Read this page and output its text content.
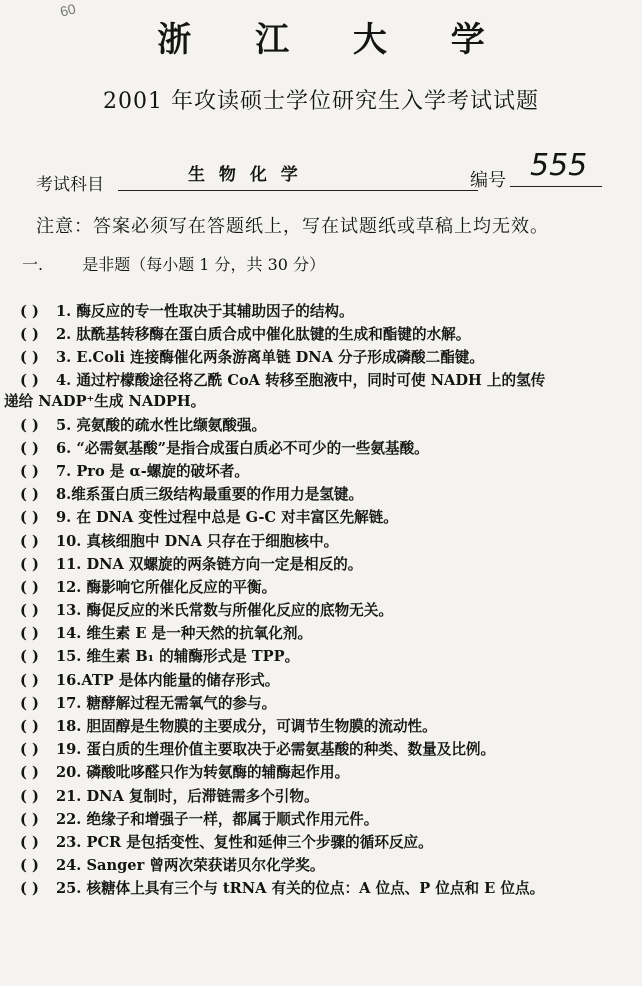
60
浙 江 大 学
2001 年攻读硕士学位研究生入学考试试题
考试科目	生 物 化 学	编号 555
注意：答案必须写在答题纸上，写在试题纸或草稿上均无效。
一. 是非题（每小题 1 分，共 30 分）
( ) 1. 酶反应的专一性取决于其辅助因子的结构。
( ) 2. 肽酰基转移酶在蛋白质合成中催化肽键的生成和酯键的水解。
( ) 3. E.Coli 连接酶催化两条游离单链 DNA 分子形成磷酸二酯键。
( ) 4. 通过柠檬酸途径将乙酰 CoA 转移至胞液中，同时可使 NADH 上的氢传
递给 NADP⁺生成 NADPH。
( ) 5. 亮氨酸的疏水性比缬氨酸强。
( ) 6. “必需氨基酸”是指合成蛋白质必不可少的一些氨基酸。
( ) 7. Pro 是 α-螺旋的破坏者。
( ) 8.维系蛋白质三级结构最重要的作用力是氢键。
( ) 9. 在 DNA 变性过程中总是 G-C 对丰富区先解链。
( ) 10. 真核细胞中 DNA 只存在于细胞核中。
( ) 11. DNA 双螺旋的两条链方向一定是相反的。
( ) 12. 酶影响它所催化反应的平衡。
( ) 13. 酶促反应的米氏常数与所催化反应的底物无关。
( ) 14. 维生素 E 是一种天然的抗氧化剂。
( ) 15. 维生素 B₁ 的辅酶形式是 TPP。
( ) 16.ATP 是体内能量的储存形式。
( ) 17. 糖酵解过程无需氧气的参与。
( ) 18. 胆固醇是生物膜的主要成分，可调节生物膜的流动性。
( ) 19. 蛋白质的生理价值主要取决于必需氨基酸的种类、数量及比例。
( ) 20. 磷酸吡哆醛只作为转氨酶的辅酶起作用。
( ) 21. DNA 复制时，后滞链需多个引物。
( ) 22. 绝缘子和增强子一样，都属于顺式作用元件。
( ) 23. PCR 是包括变性、复性和延伸三个步骤的循环反应。
( ) 24. Sanger 曾两次荣获诺贝尔化学奖。
( ) 25. 核糖体上具有三个与 tRNA 有关的位点：A 位点、P 位点和 E 位点。
